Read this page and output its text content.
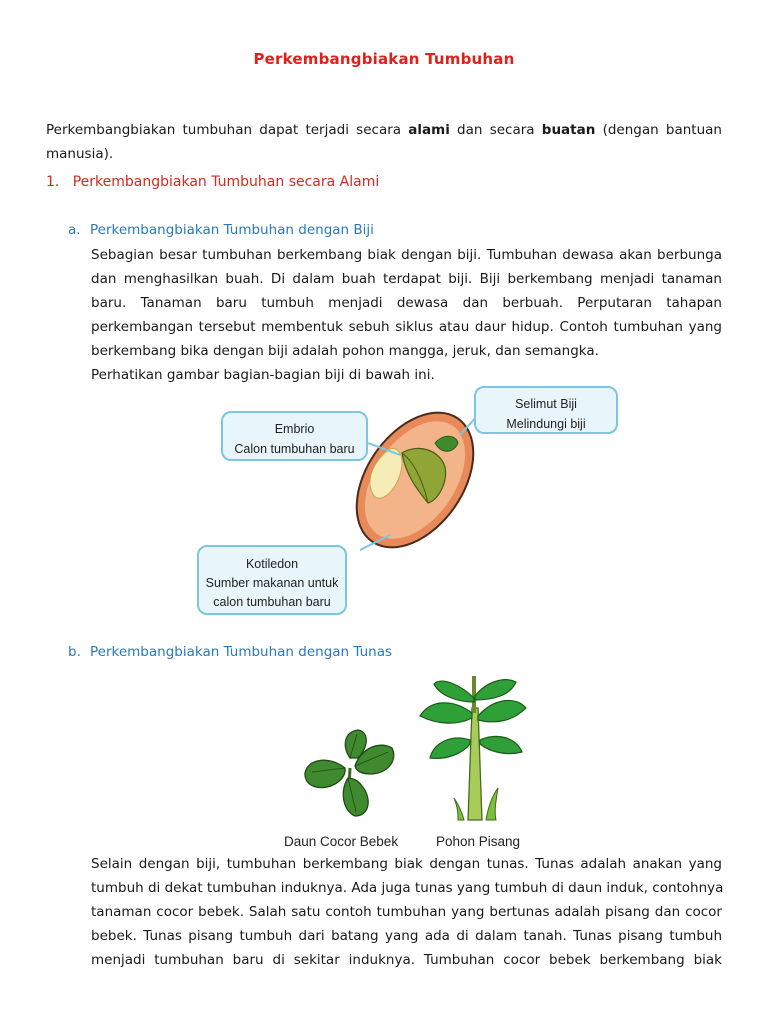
Perkembangbiakan Tumbuhan
Perkembangbiakan tumbuhan dapat terjadi secara alami dan secara buatan (dengan bantuan
manusia).
1. Perkembangbiakan Tumbuhan secara Alami
a. Perkembangbiakan Tumbuhan dengan Biji
Sebagian besar tumbuhan berkembang biak dengan biji. Tumbuhan dewasa akan berbunga
dan menghasilkan buah. Di dalam buah terdapat biji. Biji berkembang menjadi tanaman
baru. Tanaman baru tumbuh menjadi dewasa dan berbuah. Perputaran tahapan
perkembangan tersebut membentuk sebuh siklus atau daur hidup. Contoh tumbuhan yang
berkembang bika dengan biji adalah pohon mangga, jeruk, dan semangka.
Perhatikan gambar bagian-bagian biji di bawah ini.
Embrio
Calon tumbuhan baru
Selimut Biji
Melindungi biji
Kotiledon
Sumber makanan untuk
calon tumbuhan baru
b. Perkembangbiakan Tumbuhan dengan Tunas
Daun Cocor Bebek	Pohon Pisang
Selain dengan biji, tumbuhan berkembang biak dengan tunas. Tunas adalah anakan yang
tumbuh di dekat tumbuhan induknya. Ada juga tunas yang tumbuh di daun induk, contohnya
tanaman cocor bebek. Salah satu contoh tumbuhan yang bertunas adalah pisang dan cocor
bebek. Tunas pisang tumbuh dari batang yang ada di dalam tanah. Tunas pisang tumbuh
menjadi tumbuhan baru di sekitar induknya. Tumbuhan cocor bebek berkembang biak
